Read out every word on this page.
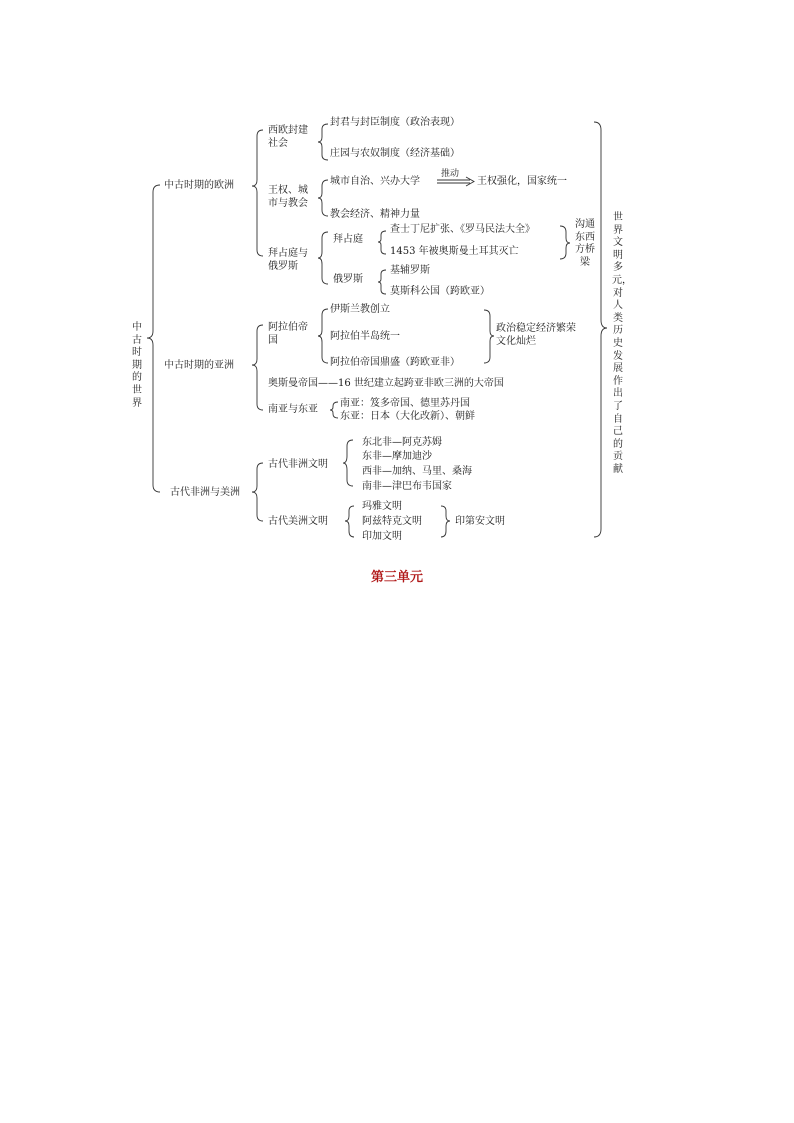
中古时期的世界
中古时期的欧洲
中古时期的亚洲
古代非洲与美洲
西欧封建
社会
封君与封臣制度（政治表现）
庄园与农奴制度（经济基础）
王权、城
市与教会
城市自治、兴办大学
推动
王权强化，国家统一
教会经济、精神力量
拜占庭与
俄罗斯
拜占庭
查士丁尼扩张、《罗马民法大全》
1453 年被奥斯曼土耳其灭亡
沟通东西方桥梁
俄罗斯
基辅罗斯
莫斯科公国（跨欧亚）
阿拉伯帝
国
伊斯兰教创立
阿拉伯半岛统一
阿拉伯帝国鼎盛（跨欧亚非）
政治稳定经济繁荣
文化灿烂
奥斯曼帝国——16 世纪建立起跨亚非欧三洲的大帝国
南亚与东亚
南亚：笈多帝国、德里苏丹国
东亚：日本（大化改新）、朝鲜
古代非洲文明
东北非—阿克苏姆
东非—摩加迪沙
西非—加纳、马里、桑海
南非—津巴布韦国家
古代美洲文明
玛雅文明
阿兹特克文明
印加文明
印第安文明
世界文明多元，对人类历史发展作出了自己的贡献
第三单元
